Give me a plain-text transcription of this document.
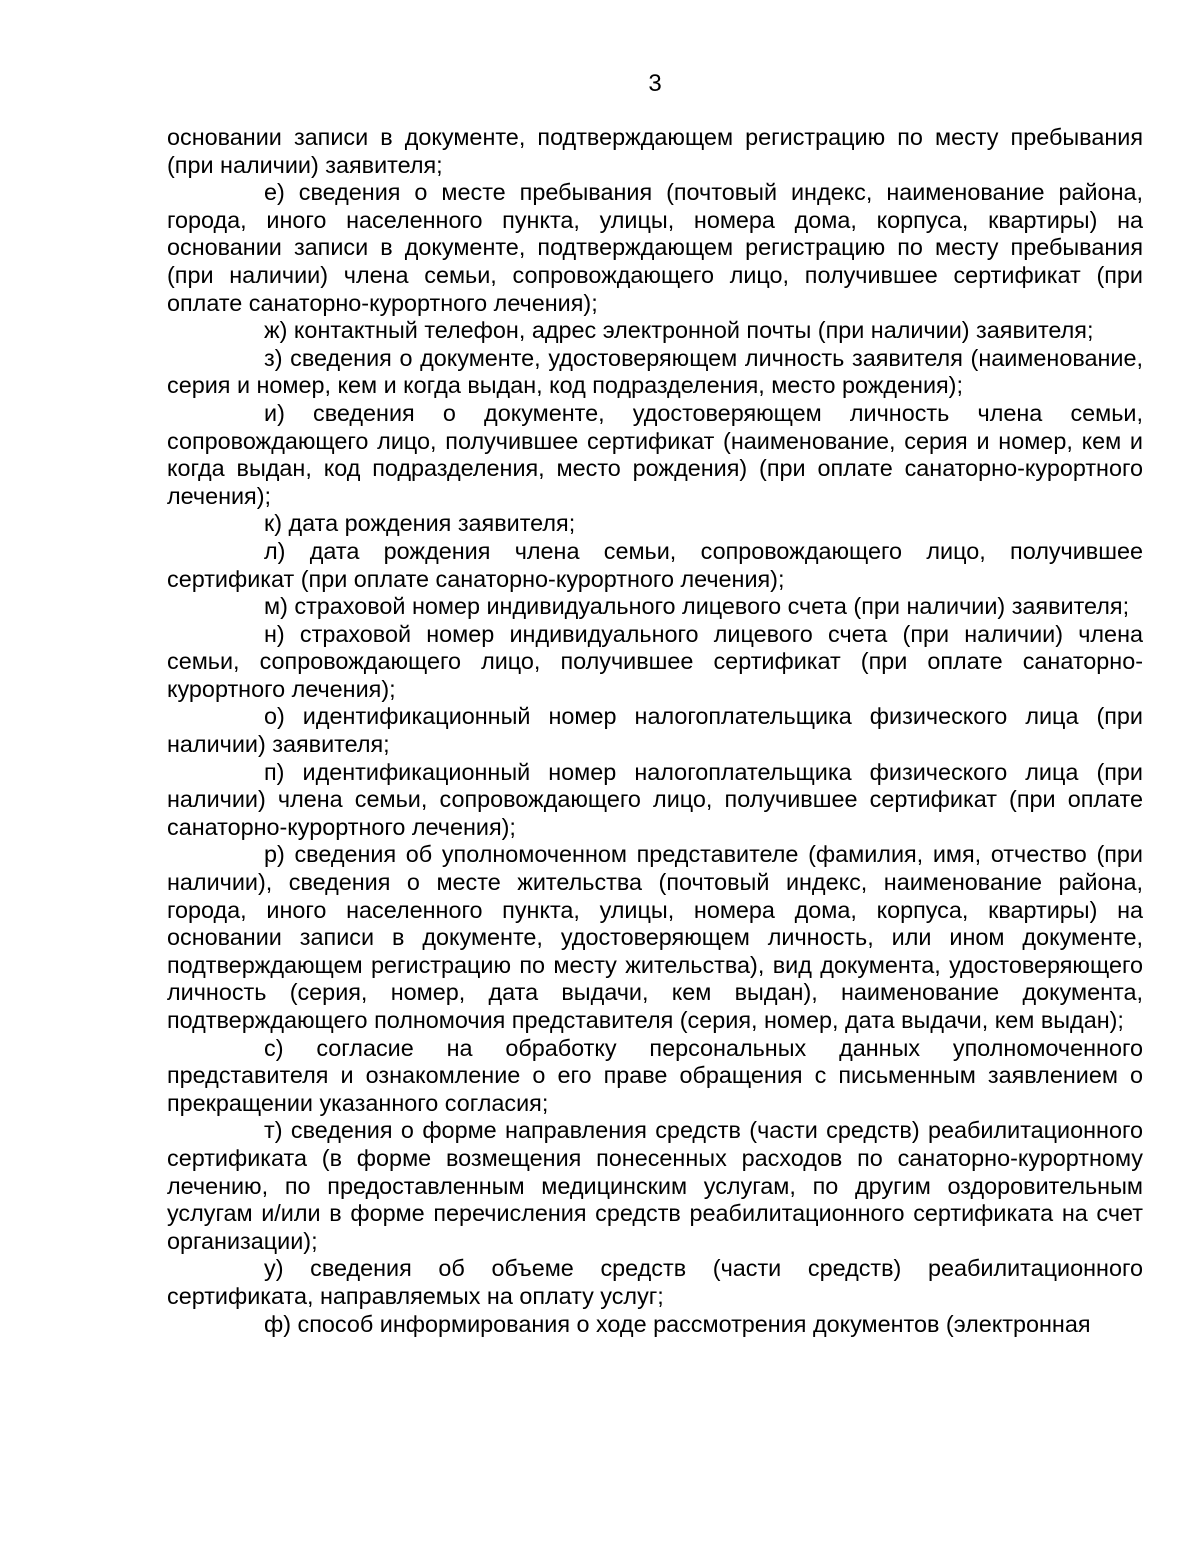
3

основании записи в документе, подтверждающем регистрацию по месту пребывания (при наличии) заявителя;

е) сведения о месте пребывания (почтовый индекс, наименование района, города, иного населенного пункта, улицы, номера дома, корпуса, квартиры) на основании записи в документе, подтверждающем регистрацию по месту пребывания (при наличии) члена семьи, сопровождающего лицо, получившее сертификат (при оплате санаторно-курортного лечения);

ж) контактный телефон, адрес электронной почты (при наличии) заявителя;

з) сведения о документе, удостоверяющем личность заявителя (наименование, серия и номер, кем и когда выдан, код подразделения, место рождения);

и) сведения о документе, удостоверяющем личность члена семьи, сопровождающего лицо, получившее сертификат (наименование, серия и номер, кем и когда выдан, код подразделения, место рождения) (при оплате санаторно-курортного лечения);

к) дата рождения заявителя;

л) дата рождения члена семьи, сопровождающего лицо, получившее сертификат (при оплате санаторно-курортного лечения);

м) страховой номер индивидуального лицевого счета (при наличии) заявителя;

н) страховой номер индивидуального лицевого счета (при наличии) члена семьи, сопровождающего лицо, получившее сертификат (при оплате санаторно-курортного лечения);

о) идентификационный номер налогоплательщика физического лица (при наличии) заявителя;

п) идентификационный номер налогоплательщика физического лица (при наличии) члена семьи, сопровождающего лицо, получившее сертификат (при оплате санаторно-курортного лечения);

р) сведения об уполномоченном представителе (фамилия, имя, отчество (при наличии), сведения о месте жительства (почтовый индекс, наименование района, города, иного населенного пункта, улицы, номера дома, корпуса, квартиры) на основании записи в документе, удостоверяющем личность, или ином документе, подтверждающем регистрацию по месту жительства), вид документа, удостоверяющего личность (серия, номер, дата выдачи, кем выдан), наименование документа, подтверждающего полномочия представителя (серия, номер, дата выдачи, кем выдан);

с) согласие на обработку персональных данных уполномоченного представителя и ознакомление о его праве обращения с письменным заявлением о прекращении указанного согласия;

т) сведения о форме направления средств (части средств) реабилитационного сертификата (в форме возмещения понесенных расходов по санаторно-курортному лечению, по предоставленным медицинским услугам, по другим оздоровительным услугам и/или в форме перечисления средств реабилитационного сертификата на счет организации);

у) сведения об объеме средств (части средств) реабилитационного сертификата, направляемых на оплату услуг;

ф) способ информирования о ходе рассмотрения документов (электронная
